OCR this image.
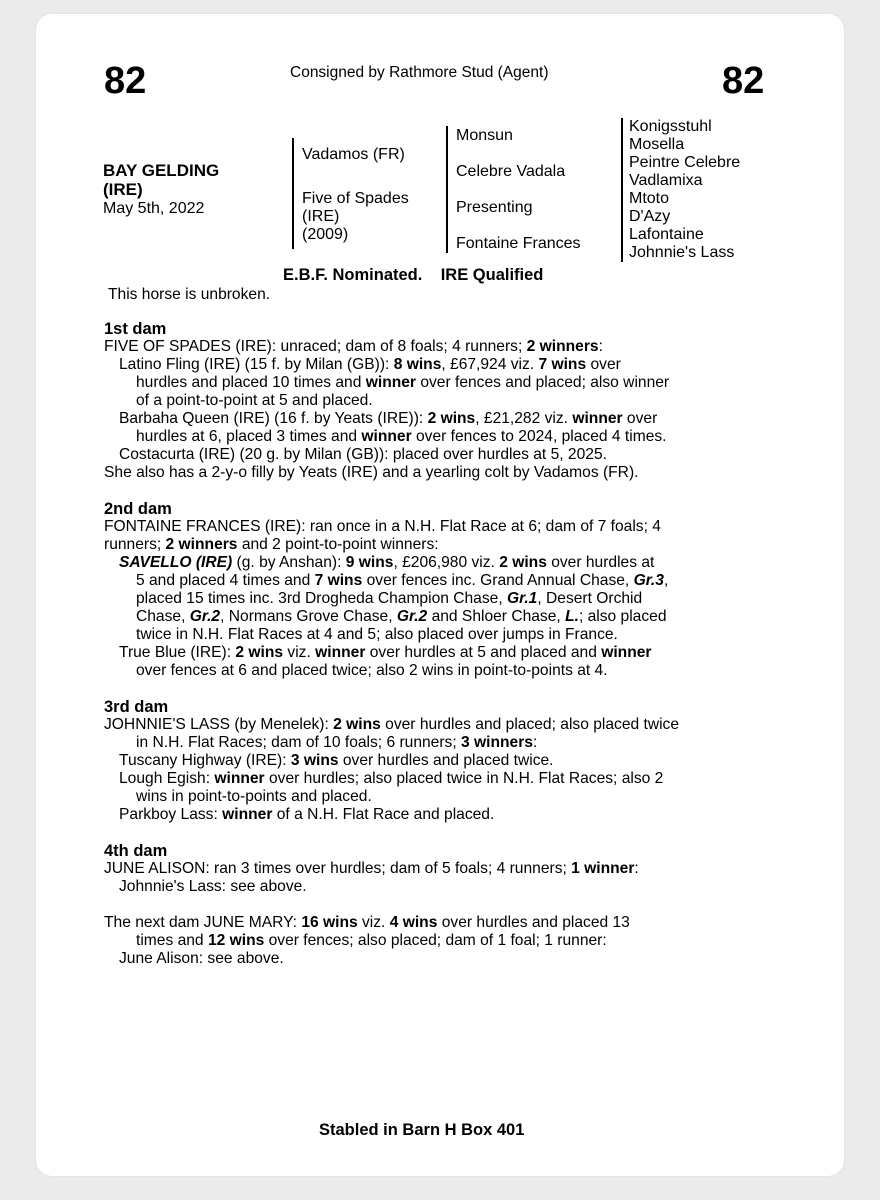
82	Consigned by Rathmore Stud (Agent)	82
BAY GELDING
(IRE)
May 5th, 2022
Vadamos (FR)
Five of Spades
(IRE)
(2009)
Monsun
Celebre Vadala
Presenting
Fontaine Frances
Konigsstuhl
Mosella
Peintre Celebre
Vadlamixa
Mtoto
D'Azy
Lafontaine
Johnnie's Lass
E.B.F. Nominated. IRE Qualified
This horse is unbroken.
1st dam
FIVE OF SPADES (IRE): unraced; dam of 8 foals; 4 runners; 2 winners:
Latino Fling (IRE) (15 f. by Milan (GB)): 8 wins, £67,924 viz. 7 wins over
hurdles and placed 10 times and winner over fences and placed; also winner
of a point-to-point at 5 and placed.
Barbaha Queen (IRE) (16 f. by Yeats (IRE)): 2 wins, £21,282 viz. winner over
hurdles at 6, placed 3 times and winner over fences to 2024, placed 4 times.
Costacurta (IRE) (20 g. by Milan (GB)): placed over hurdles at 5, 2025.
She also has a 2-y-o filly by Yeats (IRE) and a yearling colt by Vadamos (FR).
2nd dam
FONTAINE FRANCES (IRE): ran once in a N.H. Flat Race at 6; dam of 7 foals; 4
runners; 2 winners and 2 point-to-point winners:
SAVELLO (IRE) (g. by Anshan): 9 wins, £206,980 viz. 2 wins over hurdles at
5 and placed 4 times and 7 wins over fences inc. Grand Annual Chase, Gr.3,
placed 15 times inc. 3rd Drogheda Champion Chase, Gr.1, Desert Orchid
Chase, Gr.2, Normans Grove Chase, Gr.2 and Shloer Chase, L.; also placed
twice in N.H. Flat Races at 4 and 5; also placed over jumps in France.
True Blue (IRE): 2 wins viz. winner over hurdles at 5 and placed and winner
over fences at 6 and placed twice; also 2 wins in point-to-points at 4.
3rd dam
JOHNNIE'S LASS (by Menelek): 2 wins over hurdles and placed; also placed twice
in N.H. Flat Races; dam of 10 foals; 6 runners; 3 winners:
Tuscany Highway (IRE): 3 wins over hurdles and placed twice.
Lough Egish: winner over hurdles; also placed twice in N.H. Flat Races; also 2
wins in point-to-points and placed.
Parkboy Lass: winner of a N.H. Flat Race and placed.
4th dam
JUNE ALISON: ran 3 times over hurdles; dam of 5 foals; 4 runners; 1 winner:
Johnnie's Lass: see above.
The next dam JUNE MARY: 16 wins viz. 4 wins over hurdles and placed 13
times and 12 wins over fences; also placed; dam of 1 foal; 1 runner:
June Alison: see above.
Stabled in Barn H Box 401
